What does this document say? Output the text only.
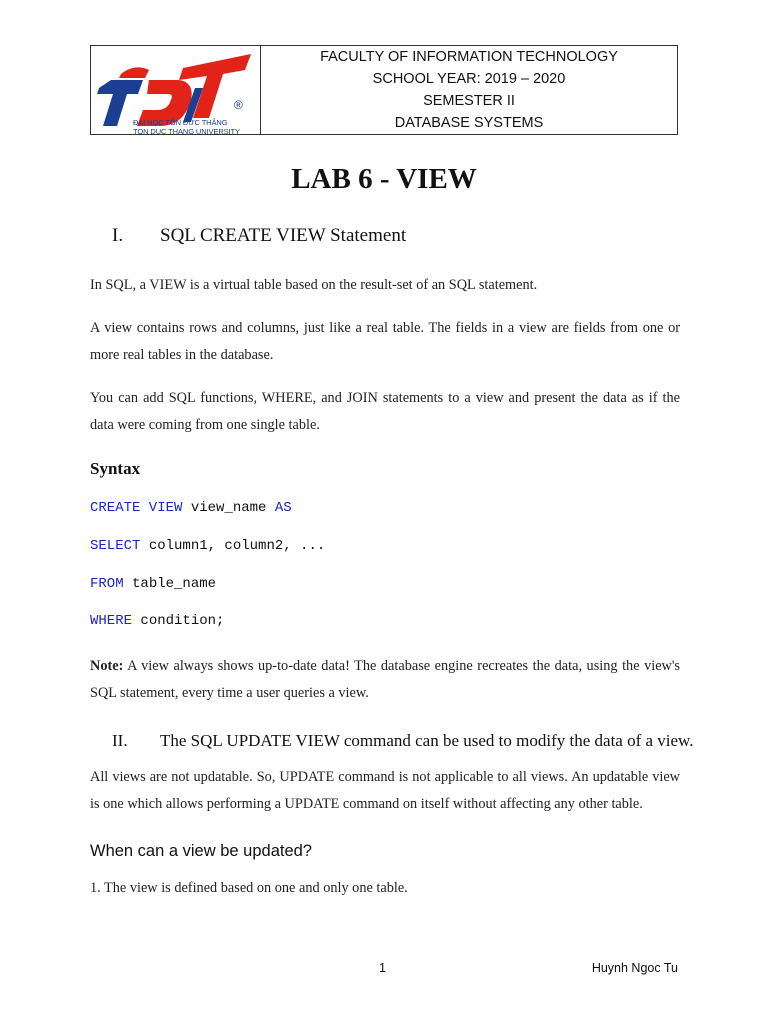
®
ĐẠI HỌC TÔN ĐỨC THẮNG
TON DUC THANG UNIVERSITY
FACULTY OF INFORMATION TECHNOLOGY
SCHOOL YEAR: 2019 – 2020
SEMESTER II
DATABASE SYSTEMS
LAB 6 - VIEW
I. SQL CREATE VIEW Statement

In SQL, a VIEW is a virtual table based on the result-set of an SQL statement.

A view contains rows and columns, just like a real table. The fields in a view are fields from one or more real tables in the database.

You can add SQL functions, WHERE, and JOIN statements to a view and present the data as if the data were coming from one single table.

Syntax
CREATE VIEW view_name AS
SELECT column1, column2, ...
FROM table_name
WHERE condition;

Note: A view always shows up-to-date data! The database engine recreates the data, using the view's SQL statement, every time a user queries a view.

II. The SQL UPDATE VIEW command can be used to modify the data of a view.

All views are not updatable. So, UPDATE command is not applicable to all views. An updatable view is one which allows performing a UPDATE command on itself without affecting any other table.

When can a view be updated?

1. The view is defined based on one and only one table.

1	Huynh Ngoc Tu
